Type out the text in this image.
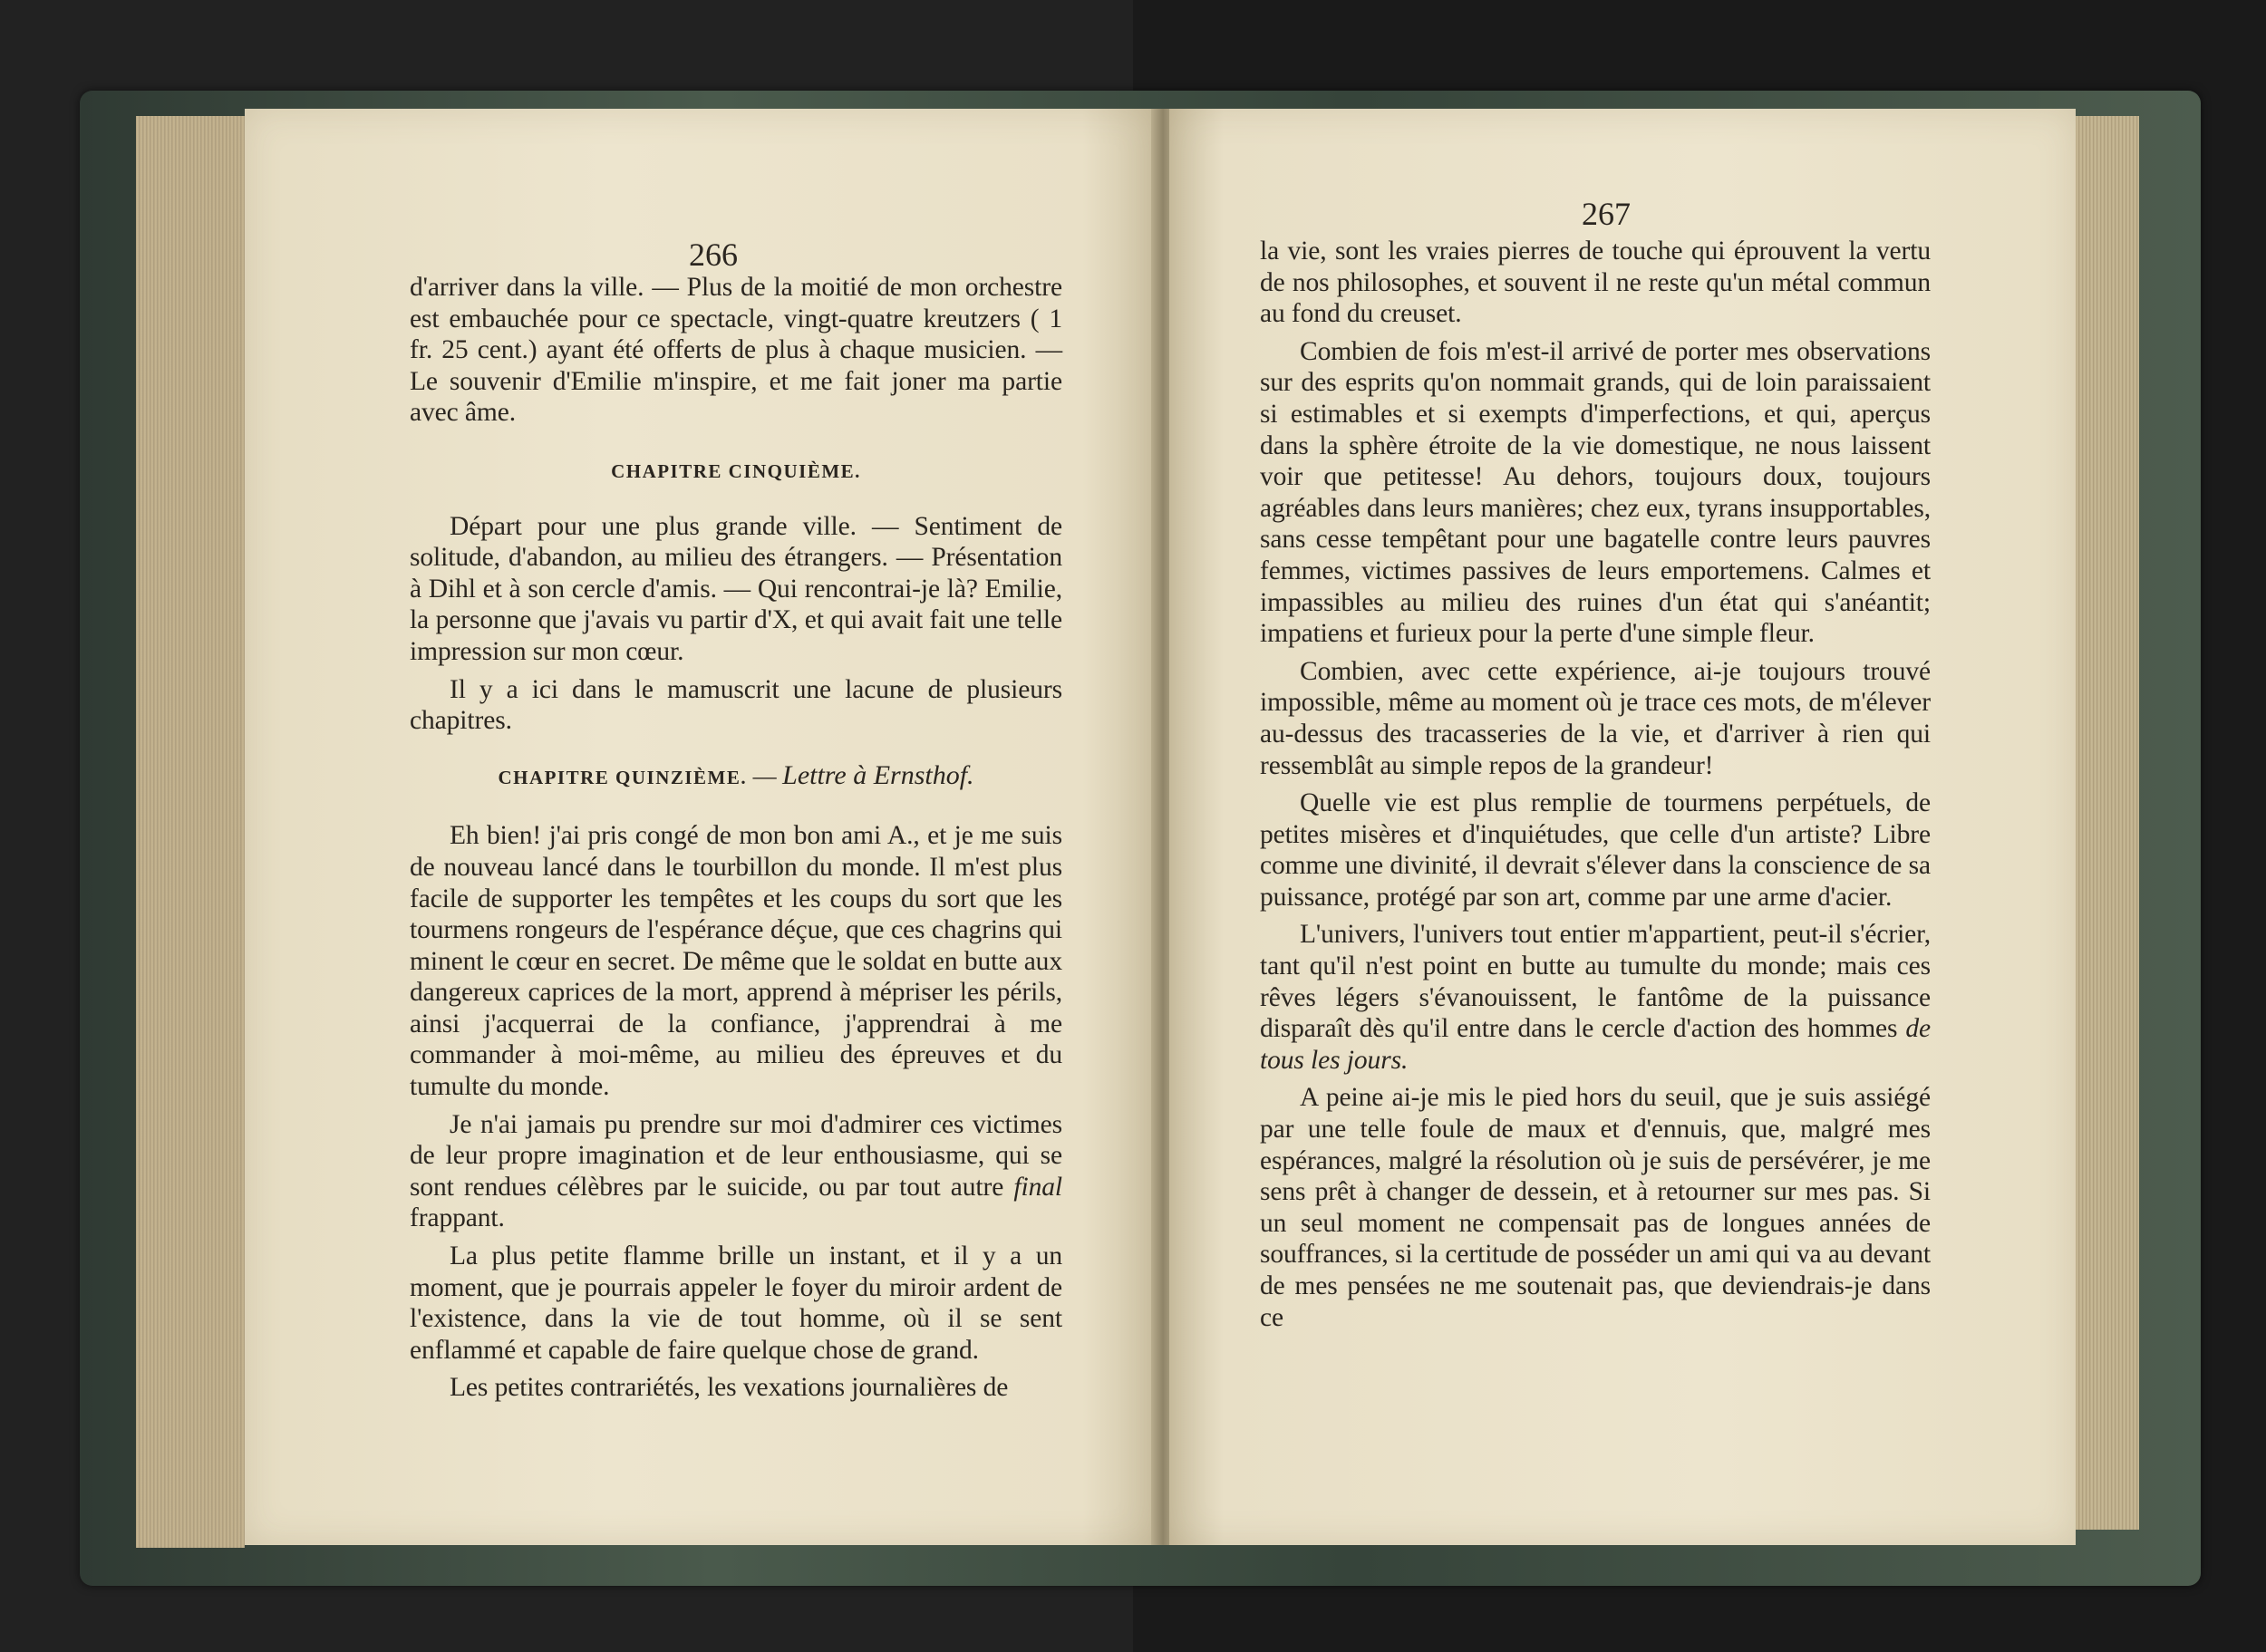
266

d'arriver dans la ville. — Plus de la moitié de mon orchestre est embauchée pour ce spectacle, vingt-quatre kreutzers ( 1 fr. 25 cent.) ayant été offerts de plus à chaque musicien. — Le souvenir d'Emilie m'inspire, et me fait joner ma partie avec âme.

CHAPITRE CINQUIÈME.

Départ pour une plus grande ville. — Sentiment de solitude, d'abandon, au milieu des étrangers. — Présentation à Dihl et à son cercle d'amis. — Qui rencontrai-je là? Emilie, la personne que j'avais vu partir d'X, et qui avait fait une telle impression sur mon cœur.

Il y a ici dans le mamuscrit une lacune de plusieurs chapitres.

CHAPITRE QUINZIÈME. — Lettre à Ernsthof.

Eh bien! j'ai pris congé de mon bon ami A., et je me suis de nouveau lancé dans le tourbillon du monde. Il m'est plus facile de supporter les tempêtes et les coups du sort que les tourmens rongeurs de l'espérance déçue, que ces chagrins qui minent le cœur en secret. De même que le soldat en butte aux dangereux caprices de la mort, apprend à mépriser les périls, ainsi j'acquerrai de la confiance, j'apprendrai à me commander à moi-même, au milieu des épreuves et du tumulte du monde.

Je n'ai jamais pu prendre sur moi d'admirer ces victimes de leur propre imagination et de leur enthousiasme, qui se sont rendues célèbres par le suicide, ou par tout autre final frappant.

La plus petite flamme brille un instant, et il y a un moment, que je pourrais appeler le foyer du miroir ardent de l'existence, dans la vie de tout homme, où il se sent enflammé et capable de faire quelque chose de grand.

Les petites contrariétés, les vexations journalières de

267

la vie, sont les vraies pierres de touche qui éprouvent la vertu de nos philosophes, et souvent il ne reste qu'un métal commun au fond du creuset.

Combien de fois m'est-il arrivé de porter mes observations sur des esprits qu'on nommait grands, qui de loin paraissaient si estimables et si exempts d'imperfections, et qui, aperçus dans la sphère étroite de la vie domestique, ne nous laissent voir que petitesse! Au dehors, toujours doux, toujours agréables dans leurs manières; chez eux, tyrans insupportables, sans cesse tempêtant pour une bagatelle contre leurs pauvres femmes, victimes passives de leurs emportemens. Calmes et impassibles au milieu des ruines d'un état qui s'anéantit; impatiens et furieux pour la perte d'une simple fleur.

Combien, avec cette expérience, ai-je toujours trouvé impossible, même au moment où je trace ces mots, de m'élever au-dessus des tracasseries de la vie, et d'arriver à rien qui ressemblât au simple repos de la grandeur!

Quelle vie est plus remplie de tourmens perpétuels, de petites misères et d'inquiétudes, que celle d'un artiste? Libre comme une divinité, il devrait s'élever dans la conscience de sa puissance, protégé par son art, comme par une arme d'acier.

L'univers, l'univers tout entier m'appartient, peut-il s'écrier, tant qu'il n'est point en butte au tumulte du monde; mais ces rêves légers s'évanouissent, le fantôme de la puissance disparaît dès qu'il entre dans le cercle d'action des hommes de tous les jours.

A peine ai-je mis le pied hors du seuil, que je suis assiégé par une telle foule de maux et d'ennuis, que, malgré mes espérances, malgré la résolution où je suis de persévérer, je me sens prêt à changer de dessein, et à retourner sur mes pas. Si un seul moment ne compensait pas de longues années de souffrances, si la certitude de posséder un ami qui va au devant de mes pensées ne me soutenait pas, que deviendrais-je dans ce
